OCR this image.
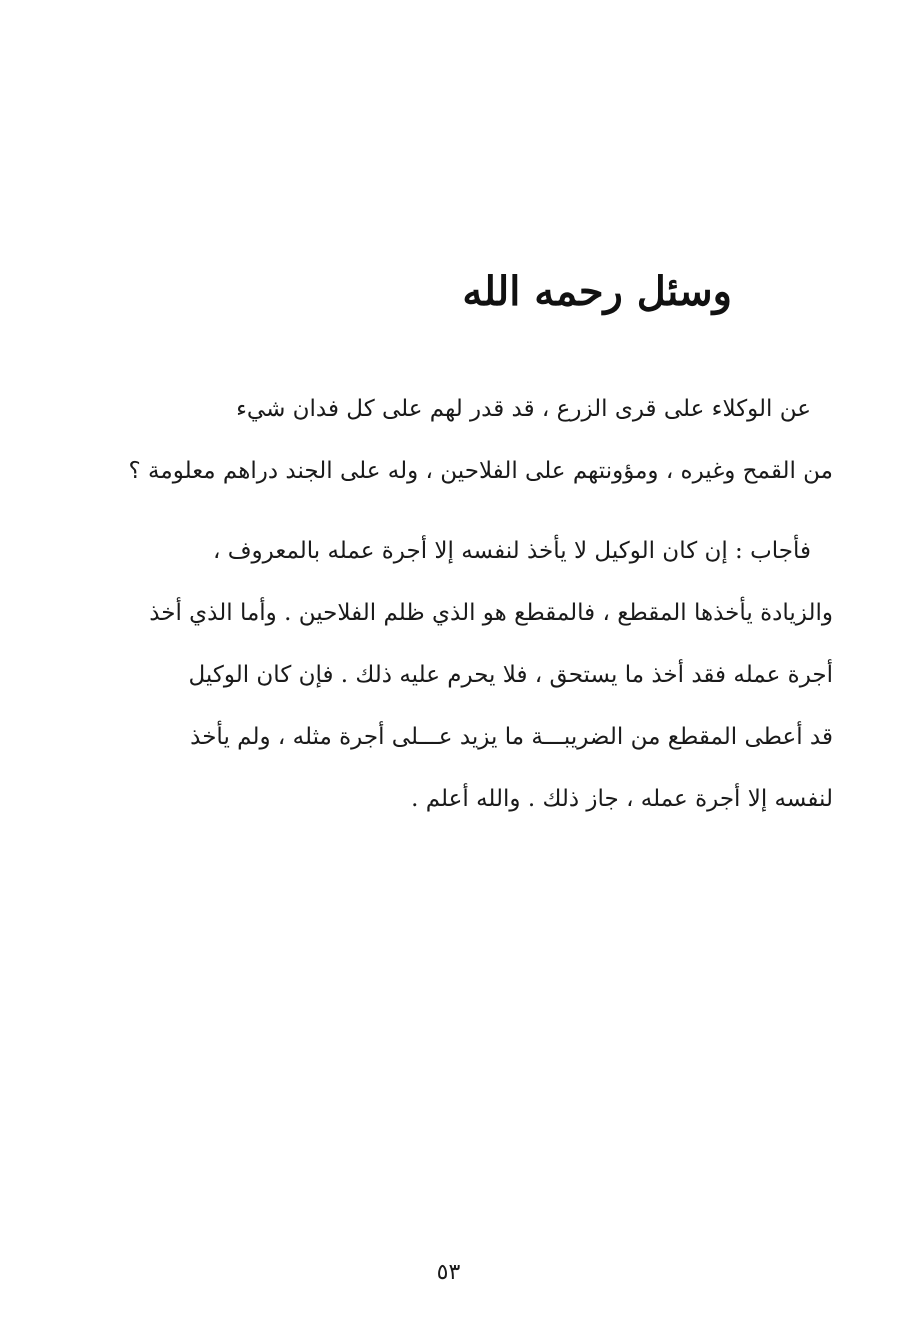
وسئل رحمه الله
عن الوكلاء على قرى الزرع ، قد قدر لهم على كل فدان شيء
من القمح وغيره ، ومؤونتهم على الفلاحين ، وله على الجند دراهم معلومة ؟
فأجاب : إن كان الوكيل لا يأخذ لنفسه إلا أجرة عمله بالمعروف ،
والزيادة يأخذها المقطع ، فالمقطع هو الذي ظلم الفلاحين . وأما الذي أخذ
أجرة عمله فقد أخذ ما يستحق ، فلا يحرم عليه ذلك . فإن كان الوكيل
قد أعطى المقطع من الضريبـــة ما يزيد عـــلى أجرة مثله ، ولم يأخذ
لنفسه إلا أجرة عمله ، جاز ذلك . والله أعلم .
٥٣
